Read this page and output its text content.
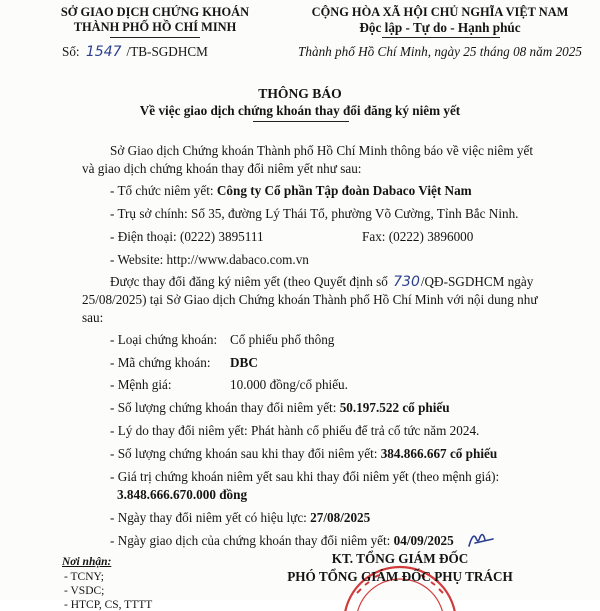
SỞ GIAO DỊCH CHỨNG KHOÁN
THÀNH PHỐ HỒ CHÍ MINH
Số: 1547 /TB-SGDHCM
CỘNG HÒA XÃ HỘI CHỦ NGHĨA VIỆT NAM
Độc lập - Tự do - Hạnh phúc
Thành phố Hồ Chí Minh, ngày 25 tháng 08 năm 2025
THÔNG BÁO
Về việc giao dịch chứng khoán thay đổi đăng ký niêm yết
Sở Giao dịch Chứng khoán Thành phố Hồ Chí Minh thông báo về việc niêm yết
và giao dịch chứng khoán thay đổi niêm yết như sau:
- Tổ chức niêm yết: Công ty Cổ phần Tập đoàn Dabaco Việt Nam
- Trụ sở chính: Số 35, đường Lý Thái Tổ, phường Võ Cường, Tỉnh Bắc Ninh.
- Điện thoại: (0222) 3895111	Fax: (0222) 3896000
- Website: http://www.dabaco.com.vn
Được thay đổi đăng ký niêm yết (theo Quyết định số 730/QĐ-SGDHCM ngày
25/08/2025) tại Sở Giao dịch Chứng khoán Thành phố Hồ Chí Minh với nội dung như
sau:
- Loại chứng khoán: Cổ phiếu phổ thông
- Mã chứng khoán: DBC
- Mệnh giá:	10.000 đồng/cổ phiếu.
- Số lượng chứng khoán thay đổi niêm yết: 50.197.522 cổ phiếu
- Lý do thay đổi niêm yết: Phát hành cổ phiếu để trả cổ tức năm 2024.
- Số lượng chứng khoán sau khi thay đổi niêm yết: 384.866.667 cổ phiếu
- Giá trị chứng khoán niêm yết sau khi thay đổi niêm yết (theo mệnh giá):
3.848.666.670.000 đồng
- Ngày thay đổi niêm yết có hiệu lực: 27/08/2025
- Ngày giao dịch của chứng khoán thay đổi niêm yết: 04/09/2025
Nơi nhận:
- TCNY;
- VSDC;
- HTCP, CS, TTTT
KT. TỔNG GIÁM ĐỐC
PHÓ TỔNG GIÁM ĐỐC PHỤ TRÁCH
